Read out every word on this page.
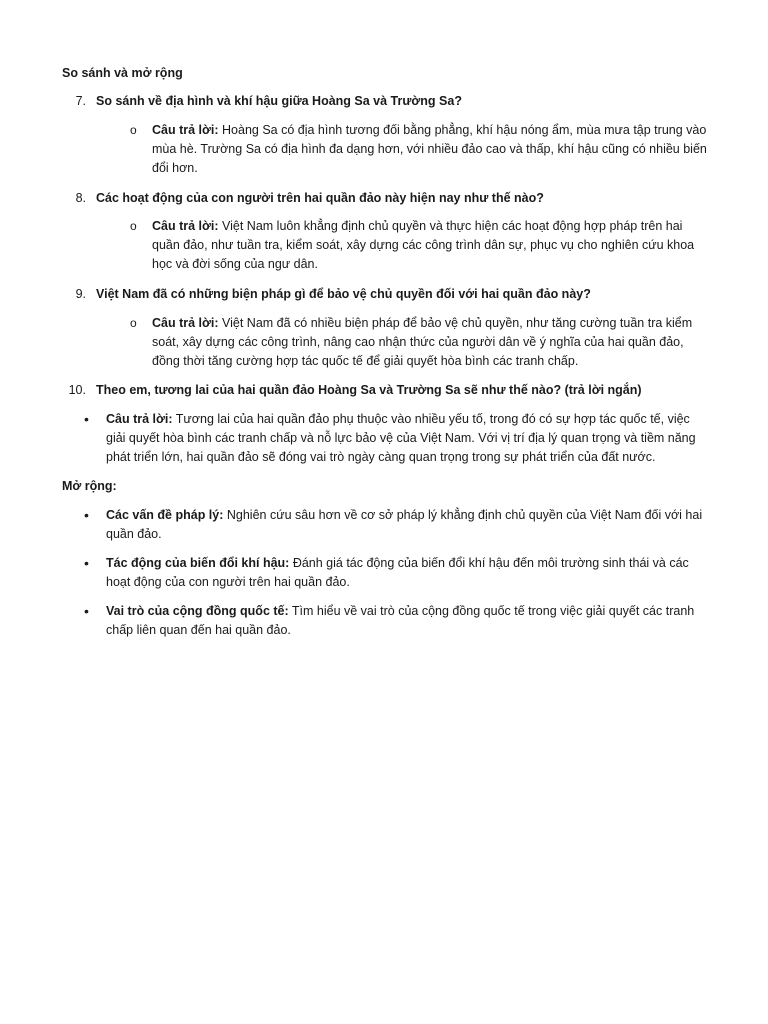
So sánh và mở rộng
7. So sánh về địa hình và khí hậu giữa Hoàng Sa và Trường Sa?
o	Câu trả lời: Hoàng Sa có địa hình tương đối bằng phẳng, khí hậu nóng ẩm, mùa mưa tập trung vào mùa hè. Trường Sa có địa hình đa dạng hơn, với nhiều đảo cao và thấp, khí hậu cũng có nhiều biến đổi hơn.
8. Các hoạt động của con người trên hai quần đảo này hiện nay như thế nào?
o	Câu trả lời: Việt Nam luôn khẳng định chủ quyền và thực hiện các hoạt động hợp pháp trên hai quần đảo, như tuần tra, kiểm soát, xây dựng các công trình dân sự, phục vụ cho nghiên cứu khoa học và đời sống của ngư dân.
9. Việt Nam đã có những biện pháp gì để bảo vệ chủ quyền đối với hai quần đảo này?
o	Câu trả lời: Việt Nam đã có nhiều biện pháp để bảo vệ chủ quyền, như tăng cường tuần tra kiểm soát, xây dựng các công trình, nâng cao nhận thức của người dân về ý nghĩa của hai quần đảo, đồng thời tăng cường hợp tác quốc tế để giải quyết hòa bình các tranh chấp.
10. Theo em, tương lai của hai quần đảo Hoàng Sa và Trường Sa sẽ như thế nào? (trả lời ngắn)
•	Câu trả lời: Tương lai của hai quần đảo phụ thuộc vào nhiều yếu tố, trong đó có sự hợp tác quốc tế, việc giải quyết hòa bình các tranh chấp và nỗ lực bảo vệ của Việt Nam. Với vị trí địa lý quan trọng và tiềm năng phát triển lớn, hai quần đảo sẽ đóng vai trò ngày càng quan trọng trong sự phát triển của đất nước.
Mở rộng:
•	Các vấn đề pháp lý: Nghiên cứu sâu hơn về cơ sở pháp lý khẳng định chủ quyền của Việt Nam đối với hai quần đảo.
•	Tác động của biến đổi khí hậu: Đánh giá tác động của biến đổi khí hậu đến môi trường sinh thái và các hoạt động của con người trên hai quần đảo.
•	Vai trò của cộng đồng quốc tế: Tìm hiểu về vai trò của cộng đồng quốc tế trong việc giải quyết các tranh chấp liên quan đến hai quần đảo.
